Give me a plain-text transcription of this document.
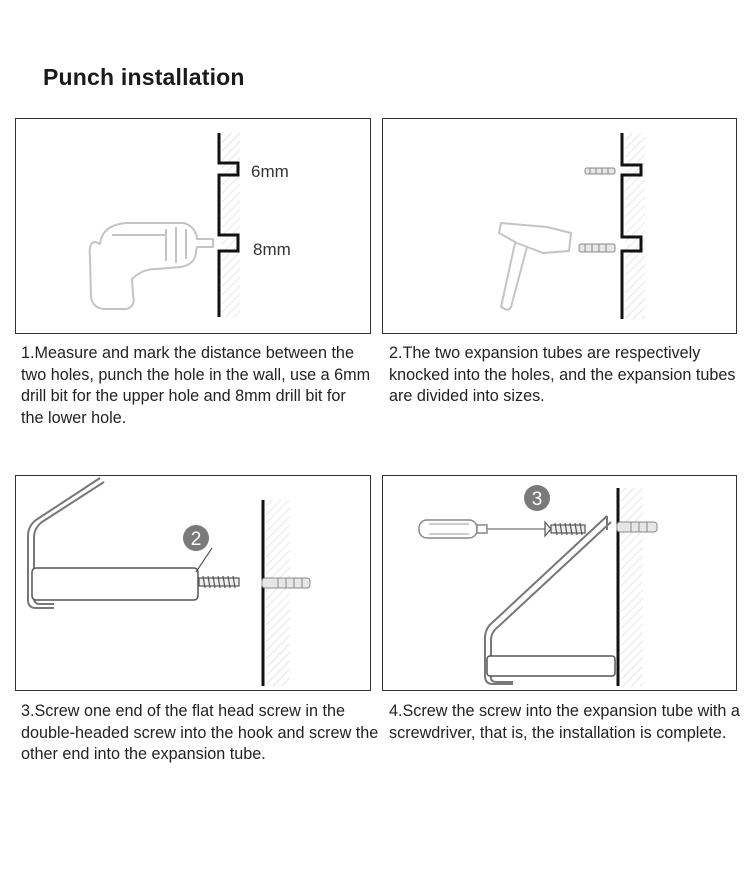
Punch installation
6mm
8mm

1.Measure and mark the distance between the two holes, punch the hole in the wall, use a 6mm drill bit for the upper hole and 8mm drill bit for the lower hole.

2.The two expansion tubes are respectively knocked into the holes, and the expansion tubes are divided into sizes.

2

3.Screw one end of the flat head screw in the double-headed screw into the hook and screw the other end into the expansion tube.

3

4.Screw the screw into the expansion tube with a screwdriver, that is, the installation is complete.
